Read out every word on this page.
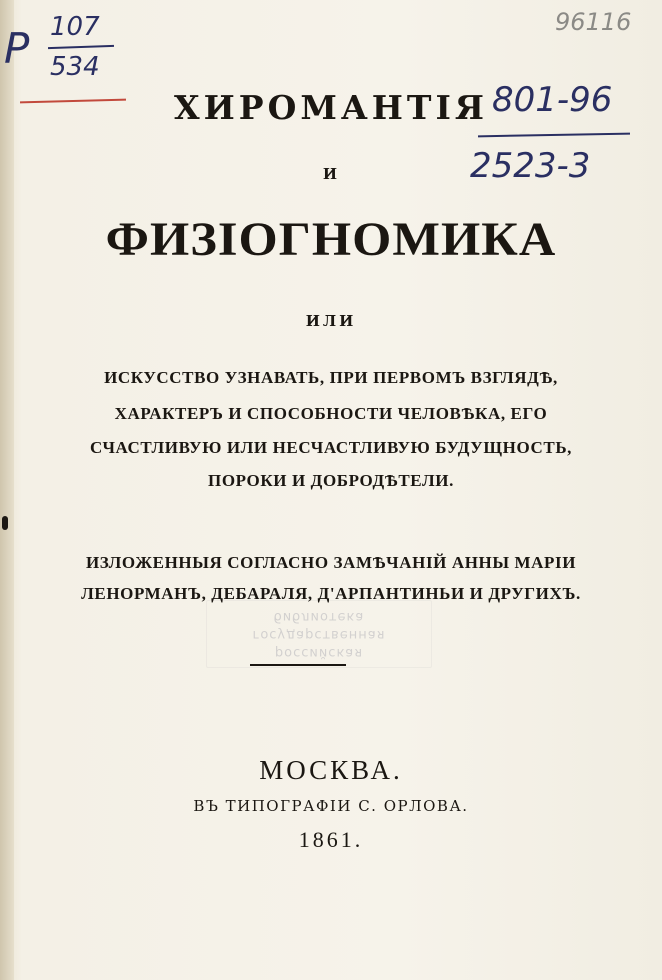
P 107
534
96116
801-96
2523-3
ХИРОМАНТІЯ
И
ФИЗІОГНОМИКА
ИЛИ
ИСКУССТВО УЗНАВАТЬ, ПРИ ПЕРВОМЪ ВЗГЛЯДѢ,
ХАРАКТЕРЪ И СПОСОБНОСТИ ЧЕЛОВѢКА, ЕГО
СЧАСТЛИВУЮ ИЛИ НЕСЧАСТЛИВУЮ БУДУЩНОСТЬ,
ПОРОКИ И ДОБРОДѢТЕЛИ.
российская
государственная
библиотека
ИЗЛОЖЕННЫЯ СОГЛАСНО ЗАМѢЧАНІЙ АННЫ МАРІИ
ЛЕНОРМАНЪ, ДЕБАРАЛЯ, Д'АРПАНТИНЬИ И ДРУГИХЪ.
МОСКВА.
ВЪ ТИПОГРАФІИ С. ОРЛОВА.
1861.
